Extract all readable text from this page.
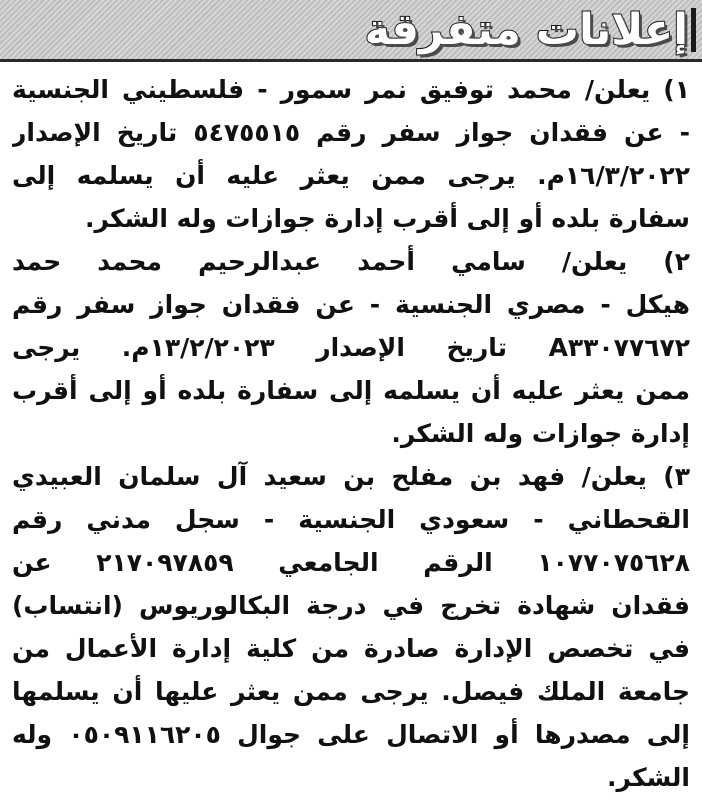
إعلانات متفرقة
١) يعلن/ محمد توفيق نمر سمور - فلسطيني الجنسية
- عن فقدان جواز سفر رقم ٥٤٧٥٥١٥ تاريخ الإصدار
١٦/٣/٢٠٢٢م. يرجى ممن يعثر عليه أن يسلمه إلى
سفارة بلده أو إلى أقرب إدارة جوازات وله الشكر.
٢) يعلن/ سامي أحمد عبدالرحيم محمد حمد
هيكل - مصري الجنسية - عن فقدان جواز سفر رقم
A٣٣٠٧٧٦٧٢ تاريخ الإصدار ١٣/٢/٢٠٢٣م. يرجى
ممن يعثر عليه أن يسلمه إلى سفارة بلده أو إلى أقرب
إدارة جوازات وله الشكر.
٣) يعلن/ فهد بن مفلح بن سعيد آل سلمان العبيدي
القحطاني - سعودي الجنسية - سجل مدني رقم
١٠٧٧٠٧٥٦٢٨ الرقم الجامعي ٢١٧٠٩٧٨٥٩ عن
فقدان شهادة تخرج في درجة البكالوريوس (انتساب)
في تخصص الإدارة صادرة من كلية إدارة الأعمال من
جامعة الملك فيصل. يرجى ممن يعثر عليها أن يسلمها
إلى مصدرها أو الاتصال على جوال ٠٥٠٩١١٦٢٠٥ وله
الشكر.
